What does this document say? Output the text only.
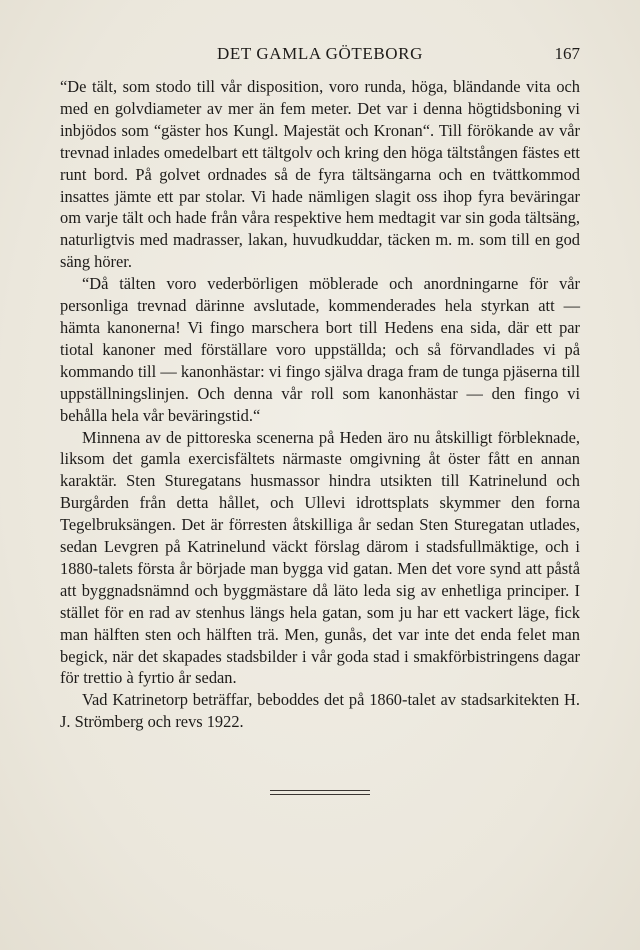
DET GAMLA GÖTEBORG	167

“De tält, som stodo till vår disposition, voro runda, höga, bländande vita och med en golvdiameter av mer än fem meter. Det var i denna högtidsboning vi inbjödos som “gäster hos Kungl. Majestät och Kronan“. Till förökande av vår trevnad inlades omedelbart ett tältgolv och kring den höga tältstången fästes ett runt bord. På golvet ordnades så de fyra tältsängarna och en tvättkommod insattes jämte ett par stolar. Vi hade nämligen slagit oss ihop fyra beväringar om varje tält och hade från våra respektive hem medtagit var sin goda tältsäng, naturligtvis med madrasser, lakan, huvudkuddar, täcken m. m. som till en god säng hörer.

“Då tälten voro vederbörligen möblerade och anordningarne för vår personliga trevnad därinne avslutade, kommenderades hela styrkan att — hämta kanonerna! Vi fingo marschera bort till Hedens ena sida, där ett par tiotal kanoner med förställare voro uppställda; och så förvandlades vi på kommando till — kanonhästar: vi fingo själva draga fram de tunga pjäserna till uppställningslinjen. Och denna vår roll som kanonhästar — den fingo vi behålla hela vår beväringstid.“

Minnena av de pittoreska scenerna på Heden äro nu åtskilligt förbleknade, liksom det gamla exercisfältets närmaste omgivning åt öster fått en annan karaktär. Sten Sturegatans husmassor hindra utsikten till Katrinelund och Burgården från detta hållet, och Ullevi idrottsplats skymmer den forna Tegelbruksängen. Det är förresten åtskilliga år sedan Sten Sturegatan utlades, sedan Levgren på Katrinelund väckt förslag därom i stadsfullmäktige, och i 1880-talets första år började man bygga vid gatan. Men det vore synd att påstå att byggnadsnämnd och byggmästare då läto leda sig av enhetliga principer. I stället för en rad av stenhus längs hela gatan, som ju har ett vackert läge, fick man hälften sten och hälften trä. Men, gunås, det var inte det enda felet man begick, när det skapades stadsbilder i vår goda stad i smakförbistringens dagar för trettio à fyrtio år sedan.

Vad Katrinetorp beträffar, beboddes det på 1860-talet av stadsarkitekten H. J. Strömberg och revs 1922.
